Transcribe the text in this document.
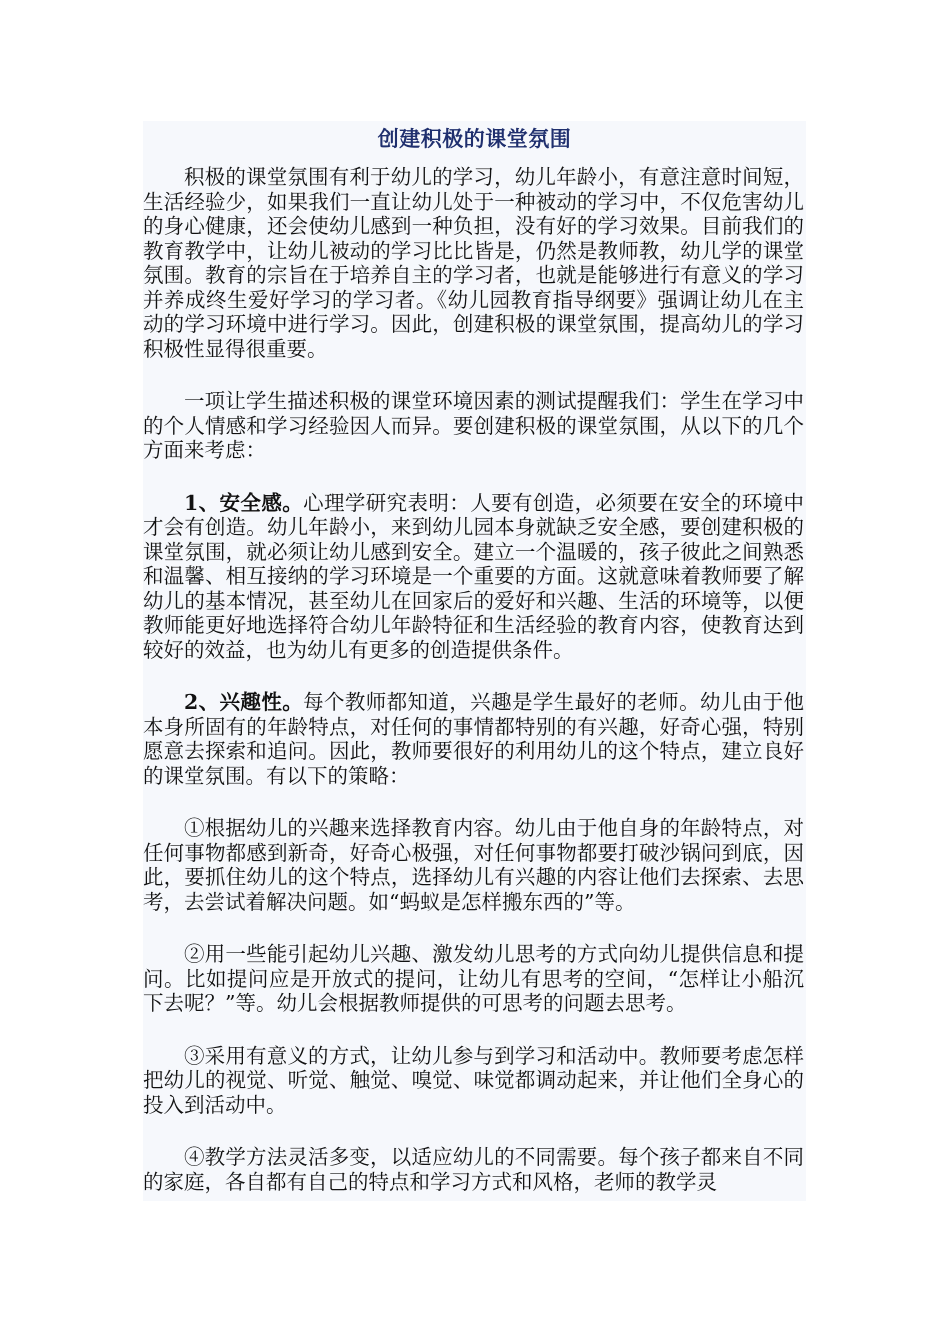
创建积极的课堂氛围

积极的课堂氛围有利于幼儿的学习，幼儿年龄小，有意注意时间短，生活经验少，如果我们一直让幼儿处于一种被动的学习中，不仅危害幼儿的身心健康，还会使幼儿感到一种负担，没有好的学习效果。目前我们的教育教学中，让幼儿被动的学习比比皆是，仍然是教师教，幼儿学的课堂氛围。教育的宗旨在于培养自主的学习者，也就是能够进行有意义的学习并养成终生爱好学习的学习者。《幼儿园教育指导纲要》强调让幼儿在主动的学习环境中进行学习。因此，创建积极的课堂氛围，提高幼儿的学习积极性显得很重要。

一项让学生描述积极的课堂环境因素的测试提醒我们：学生在学习中的个人情感和学习经验因人而异。要创建积极的课堂氛围，从以下的几个方面来考虑：

1、安全感。心理学研究表明：人要有创造，必须要在安全的环境中才会有创造。幼儿年龄小，来到幼儿园本身就缺乏安全感，要创建积极的课堂氛围，就必须让幼儿感到安全。建立一个温暖的，孩子彼此之间熟悉和温馨、相互接纳的学习环境是一个重要的方面。这就意味着教师要了解幼儿的基本情况，甚至幼儿在回家后的爱好和兴趣、生活的环境等，以便教师能更好地选择符合幼儿年龄特征和生活经验的教育内容，使教育达到较好的效益，也为幼儿有更多的创造提供条件。

2、兴趣性。每个教师都知道，兴趣是学生最好的老师。幼儿由于他本身所固有的年龄特点，对任何的事情都特别的有兴趣，好奇心强，特别愿意去探索和追问。因此，教师要很好的利用幼儿的这个特点，建立良好的课堂氛围。有以下的策略：

①根据幼儿的兴趣来选择教育内容。幼儿由于他自身的年龄特点，对任何事物都感到新奇，好奇心极强，对任何事物都要打破沙锅问到底，因此，要抓住幼儿的这个特点，选择幼儿有兴趣的内容让他们去探索、去思考，去尝试着解决问题。如“蚂蚁是怎样搬东西的”等。

②用一些能引起幼儿兴趣、激发幼儿思考的方式向幼儿提供信息和提问。比如提问应是开放式的提问，让幼儿有思考的空间，“怎样让小船沉下去呢？”等。幼儿会根据教师提供的可思考的问题去思考。

③采用有意义的方式，让幼儿参与到学习和活动中。教师要考虑怎样把幼儿的视觉、听觉、触觉、嗅觉、味觉都调动起来，并让他们全身心的投入到活动中。

④教学方法灵活多变，以适应幼儿的不同需要。每个孩子都来自不同的家庭，各自都有自己的特点和学习方式和风格，老师的教学灵
